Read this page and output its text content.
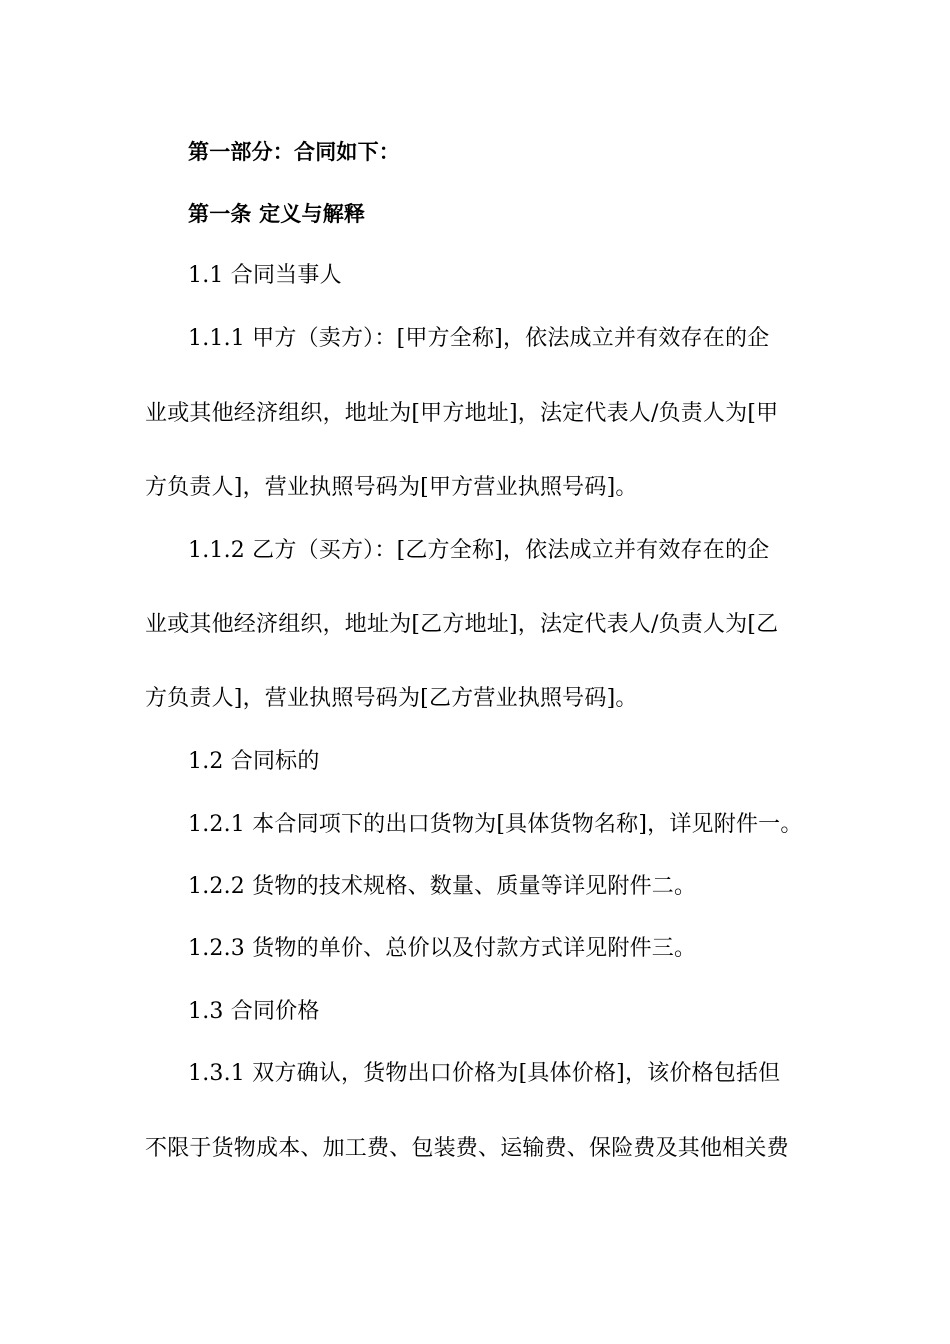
第一部分：合同如下：
第一条 定义与解释
1.1 合同当事人
1.1.1 甲方（卖方）：[甲方全称]，依法成立并有效存在的企
业或其他经济组织，地址为[甲方地址]，法定代表人/负责人为[甲
方负责人]，营业执照号码为[甲方营业执照号码]。
1.1.2 乙方（买方）：[乙方全称]，依法成立并有效存在的企
业或其他经济组织，地址为[乙方地址]，法定代表人/负责人为[乙
方负责人]，营业执照号码为[乙方营业执照号码]。
1.2 合同标的
1.2.1 本合同项下的出口货物为[具体货物名称]，详见附件一。
1.2.2 货物的技术规格、数量、质量等详见附件二。
1.2.3 货物的单价、总价以及付款方式详见附件三。
1.3 合同价格
1.3.1 双方确认，货物出口价格为[具体价格]，该价格包括但
不限于货物成本、加工费、包装费、运输费、保险费及其他相关费
